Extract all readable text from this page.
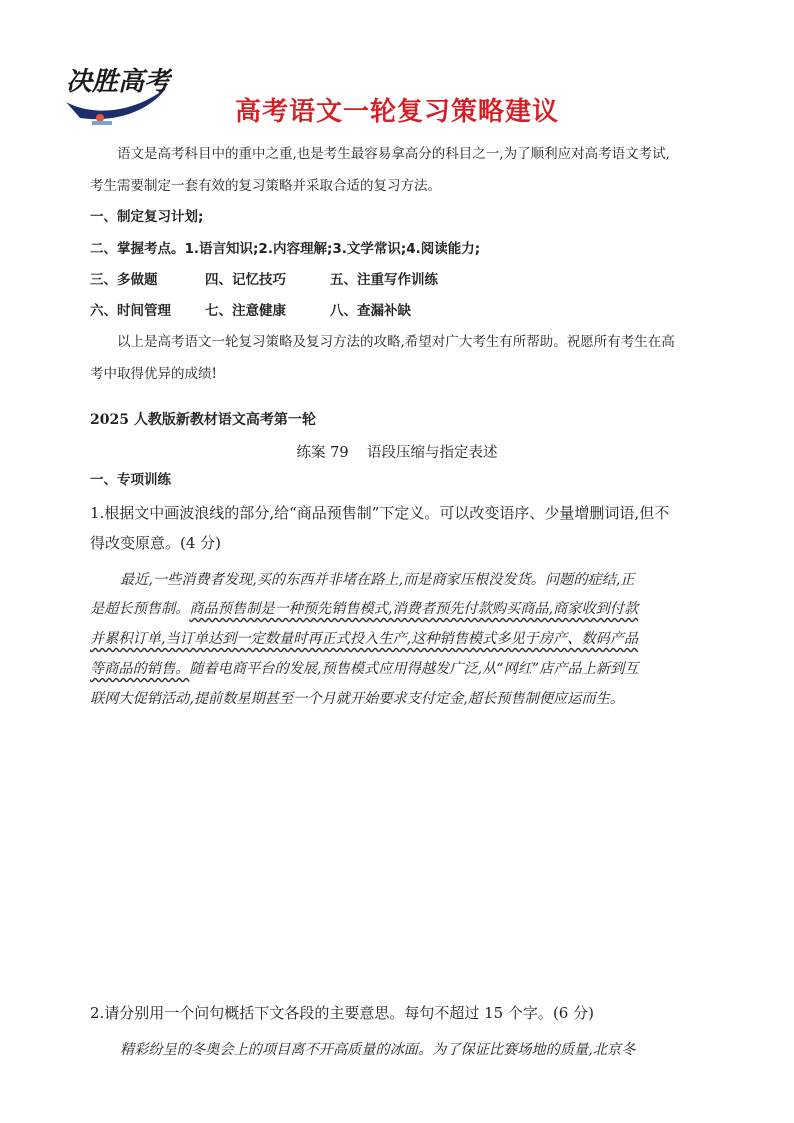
决胜高考
高考语文一轮复习策略建议
语文是高考科目中的重中之重,也是考生最容易拿高分的科目之一,为了顺利应对高考语文考试,
考生需要制定一套有效的复习策略并采取合适的复习方法。
一、制定复习计划;
二、掌握考点。1.语言知识;2.内容理解;3.文学常识;4.阅读能力;
三、多做题	四、记忆技巧	五、注重写作训练
六、时间管理	七、注意健康	八、查漏补缺
以上是高考语文一轮复习策略及复习方法的攻略,希望对广大考生有所帮助。祝愿所有考生在高
考中取得优异的成绩!
2025 人教版新教材语文高考第一轮
练案 79    语段压缩与指定表述
一、专项训练
1.根据文中画波浪线的部分,给“商品预售制”下定义。可以改变语序、少量增删词语,但不
得改变原意。(4 分)
最近,一些消费者发现,买的东西并非堵在路上,而是商家压根没发货。问题的症结,正
是超长预售制。商品预售制是一种预先销售模式,消费者预先付款购买商品,商家收到付款
并累积订单,当订单达到一定数量时再正式投入生产,这种销售模式多见于房产、数码产品
等商品的销售。随着电商平台的发展,预售模式应用得越发广泛,从“网红”店产品上新到互
联网大促销活动,提前数星期甚至一个月就开始要求支付定金,超长预售制便应运而生。
2.请分别用一个问句概括下文各段的主要意思。每句不超过 15 个字。(6 分)
精彩纷呈的冬奥会上的项目离不开高质量的冰面。为了保证比赛场地的质量,北京冬
